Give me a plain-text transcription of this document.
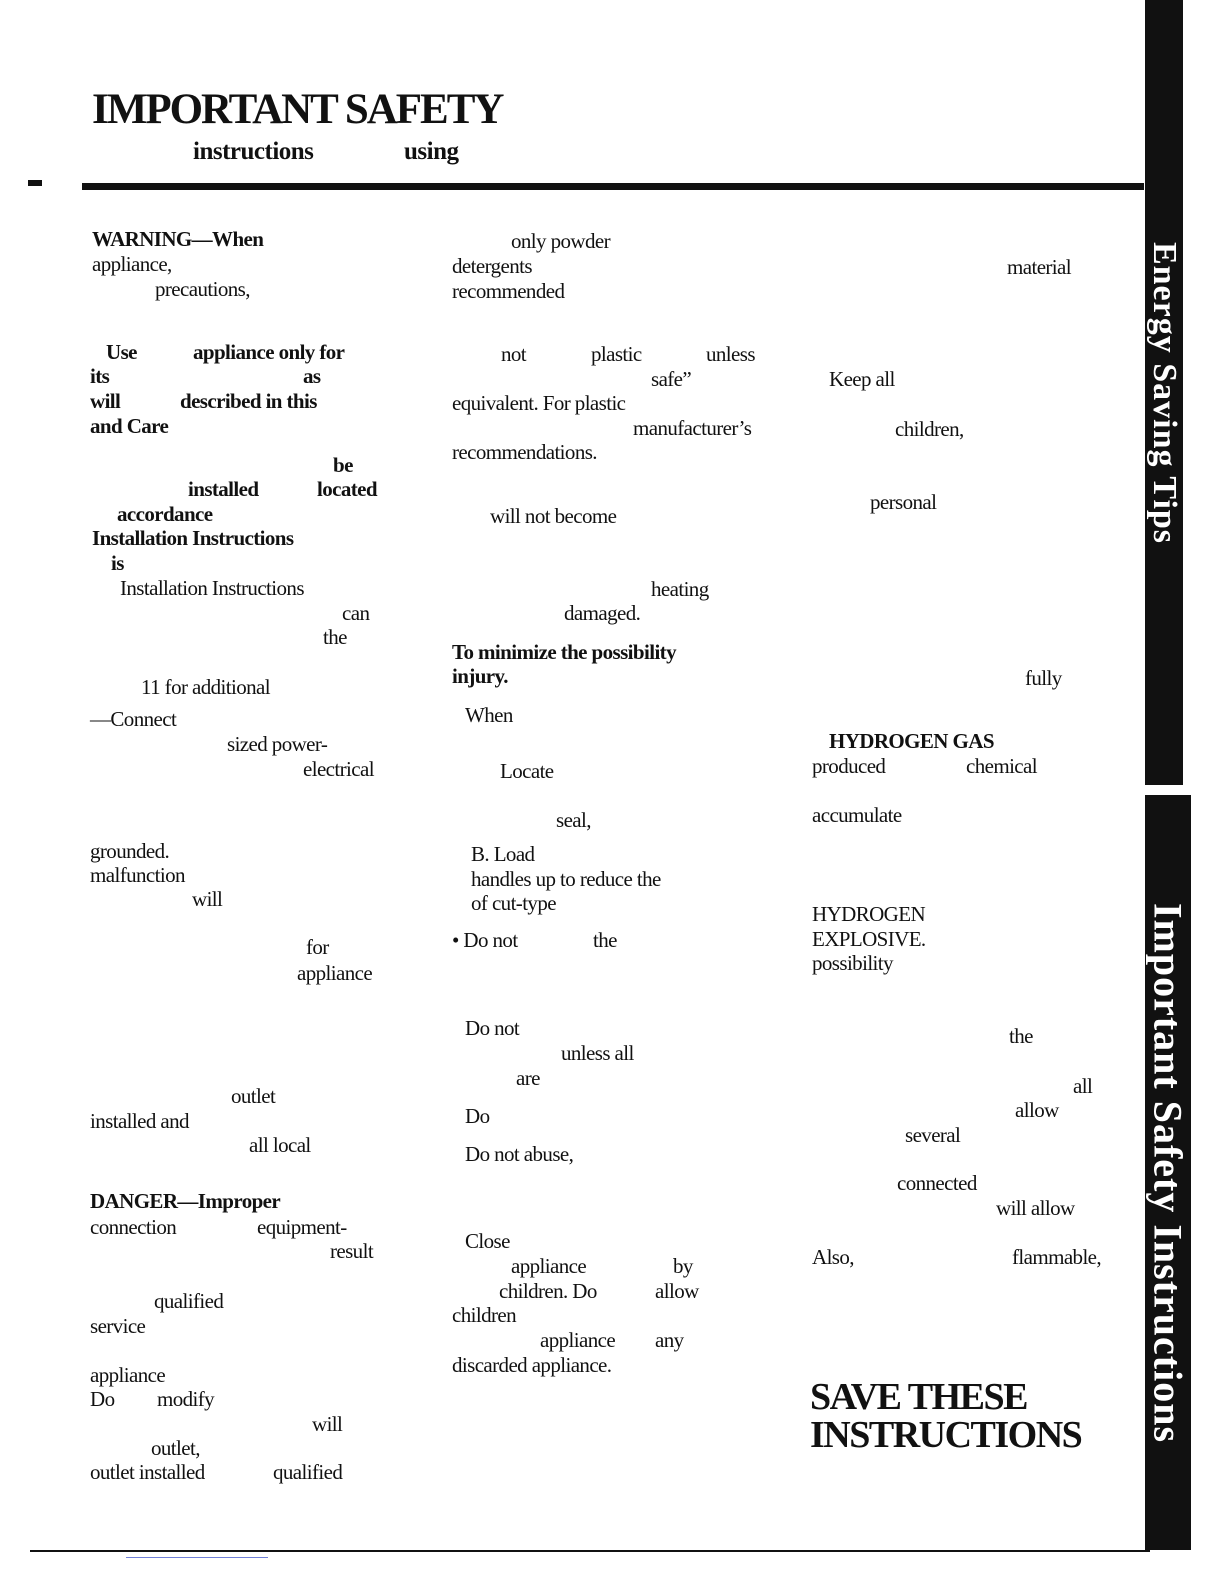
IMPORTANT SAFETY
instructions	using
WARNING—When
appliance,
precautions,
Use	appliance only for
its	as
will	described in this
and Care
be
installed	located
accordance
Installation Instructions
is
Installation Instructions
can
the
11 for additional
—Connect
sized power-
electrical
grounded.
malfunction
will
for
appliance
outlet
installed and
all local
DANGER—Improper
connection	equipment-
result
qualified
service
appliance
Do modify
will
outlet,
outlet installed	qualified
only powder
detergents
recommended
not	plastic	unless
safe”
equivalent. For plastic
manufacturer’s
recommendations.
will not become
heating
damaged.
To minimize the possibility
injury.
When
Locate
seal,
B. Load
handles up to reduce the
of cut-type
• Do not	the
Do not
unless all
are
Do
Do not abuse,
Close
appliance	by
children. Do	allow
children
appliance any
discarded appliance.
material
Keep all
children,
personal
fully
HYDROGEN GAS
produced	chemical
accumulate
HYDROGEN
EXPLOSIVE.
possibility
the
all
allow
several
connected
will allow
Also,	flammable,
SAVE THESE
INSTRUCTIONS
Energy Saving Tips
Important Safety Instructions
